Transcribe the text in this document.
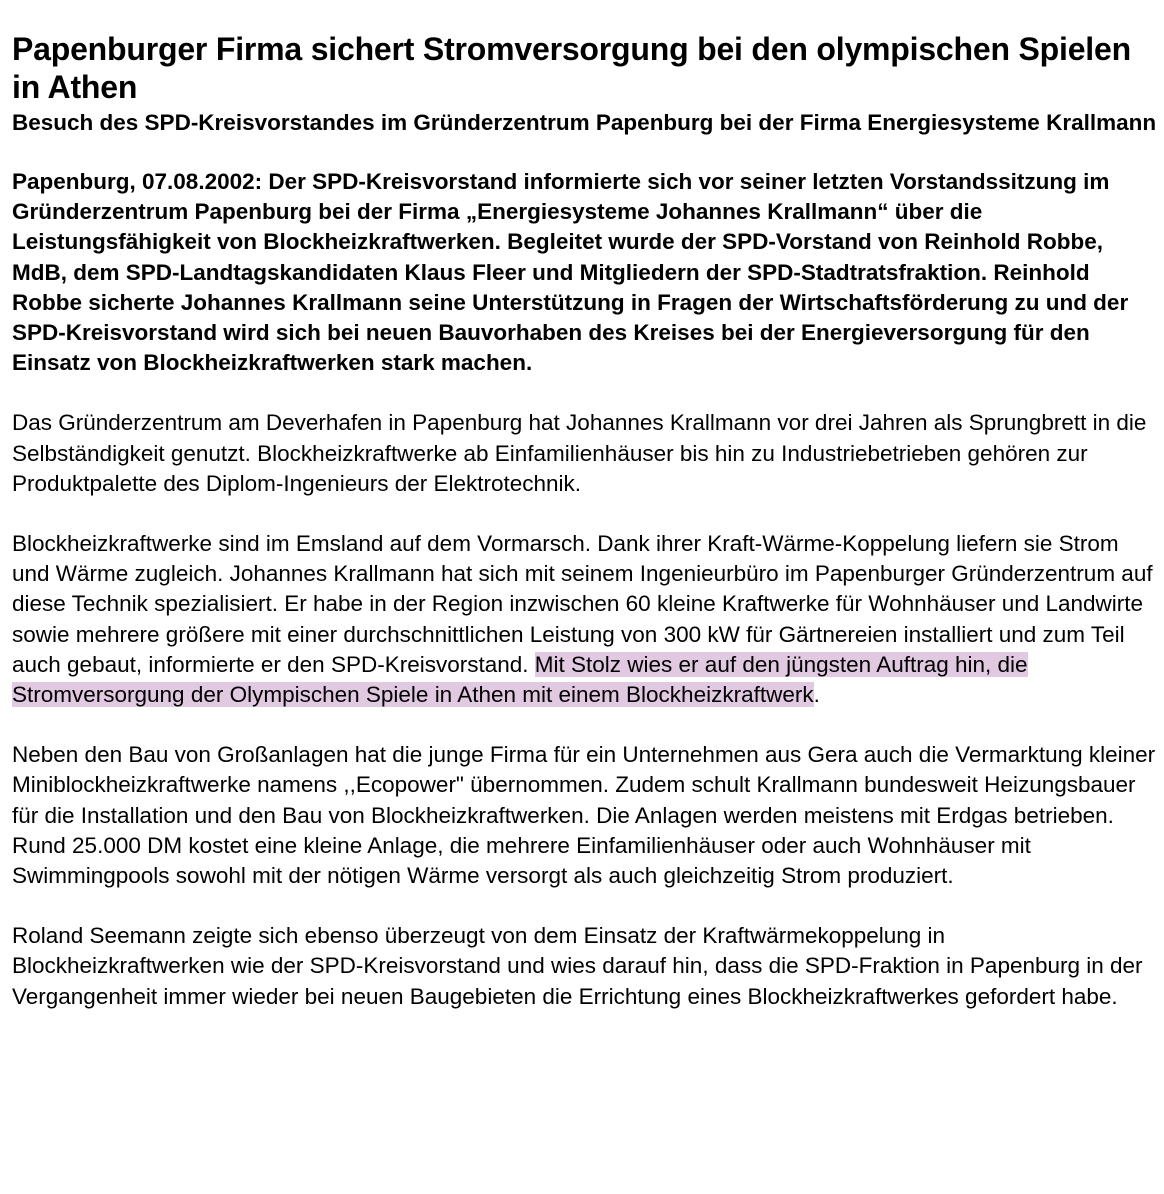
Papenburger Firma sichert Stromversorgung bei den olympischen Spielen in Athen
Besuch des SPD-Kreisvorstandes im Gründerzentrum Papenburg bei der Firma Energiesysteme Krallmann

Papenburg, 07.08.2002: Der SPD-Kreisvorstand informierte sich vor seiner letzten Vorstandssitzung im Gründerzentrum Papenburg bei der Firma „Energiesysteme Johannes Krallmann“ über die Leistungsfähigkeit von Blockheizkraftwerken. Begleitet wurde der SPD-Vorstand von Reinhold Robbe, MdB, dem SPD-Landtagskandidaten Klaus Fleer und Mitgliedern der SPD-Stadtratsfraktion. Reinhold Robbe sicherte Johannes Krallmann seine Unterstützung in Fragen der Wirtschaftsförderung zu und der SPD-Kreisvorstand wird sich bei neuen Bauvorhaben des Kreises bei der Energieversorgung für den Einsatz von Blockheizkraftwerken stark machen.

Das Gründerzentrum am Deverhafen in Papenburg hat Johannes Krallmann vor drei Jahren als Sprungbrett in die Selbständigkeit genutzt. Blockheizkraftwerke ab Einfamilienhäuser bis hin zu Industriebetrieben gehören zur Produktpalette des Diplom-Ingenieurs der Elektrotechnik.

Blockheizkraftwerke sind im Emsland auf dem Vormarsch. Dank ihrer Kraft-Wärme-Koppelung liefern sie Strom und Wärme zugleich. Johannes Krallmann hat sich mit seinem Ingenieurbüro im Papenburger Gründerzentrum auf diese Technik spezialisiert. Er habe in der Region inzwischen 60 kleine Kraftwerke für Wohnhäuser und Landwirte sowie mehrere größere mit einer durchschnittlichen Leistung von 300 kW für Gärtnereien installiert und zum Teil auch gebaut, informierte er den SPD-Kreisvorstand. Mit Stolz wies er auf den jüngsten Auftrag hin, die Stromversorgung der Olympischen Spiele in Athen mit einem Blockheizkraftwerk.

Neben den Bau von Großanlagen hat die junge Firma für ein Unternehmen aus Gera auch die Vermarktung kleiner Miniblockheizkraftwerke namens ,,Ecopower" übernommen. Zudem schult Krallmann bundesweit Heizungsbauer für die Installation und den Bau von Blockheizkraftwerken. Die Anlagen werden meistens mit Erdgas betrieben. Rund 25.000 DM kostet eine kleine Anlage, die mehrere Einfamilienhäuser oder auch Wohnhäuser mit Swimmingpools sowohl mit der nötigen Wärme versorgt als auch gleichzeitig Strom produziert.

Roland Seemann zeigte sich ebenso überzeugt von dem Einsatz der Kraftwärmekoppelung in Blockheizkraftwerken wie der SPD-Kreisvorstand und wies darauf hin, dass die SPD-Fraktion in Papenburg in der Vergangenheit immer wieder bei neuen Baugebieten die Errichtung eines Blockheizkraftwerkes gefordert habe.
